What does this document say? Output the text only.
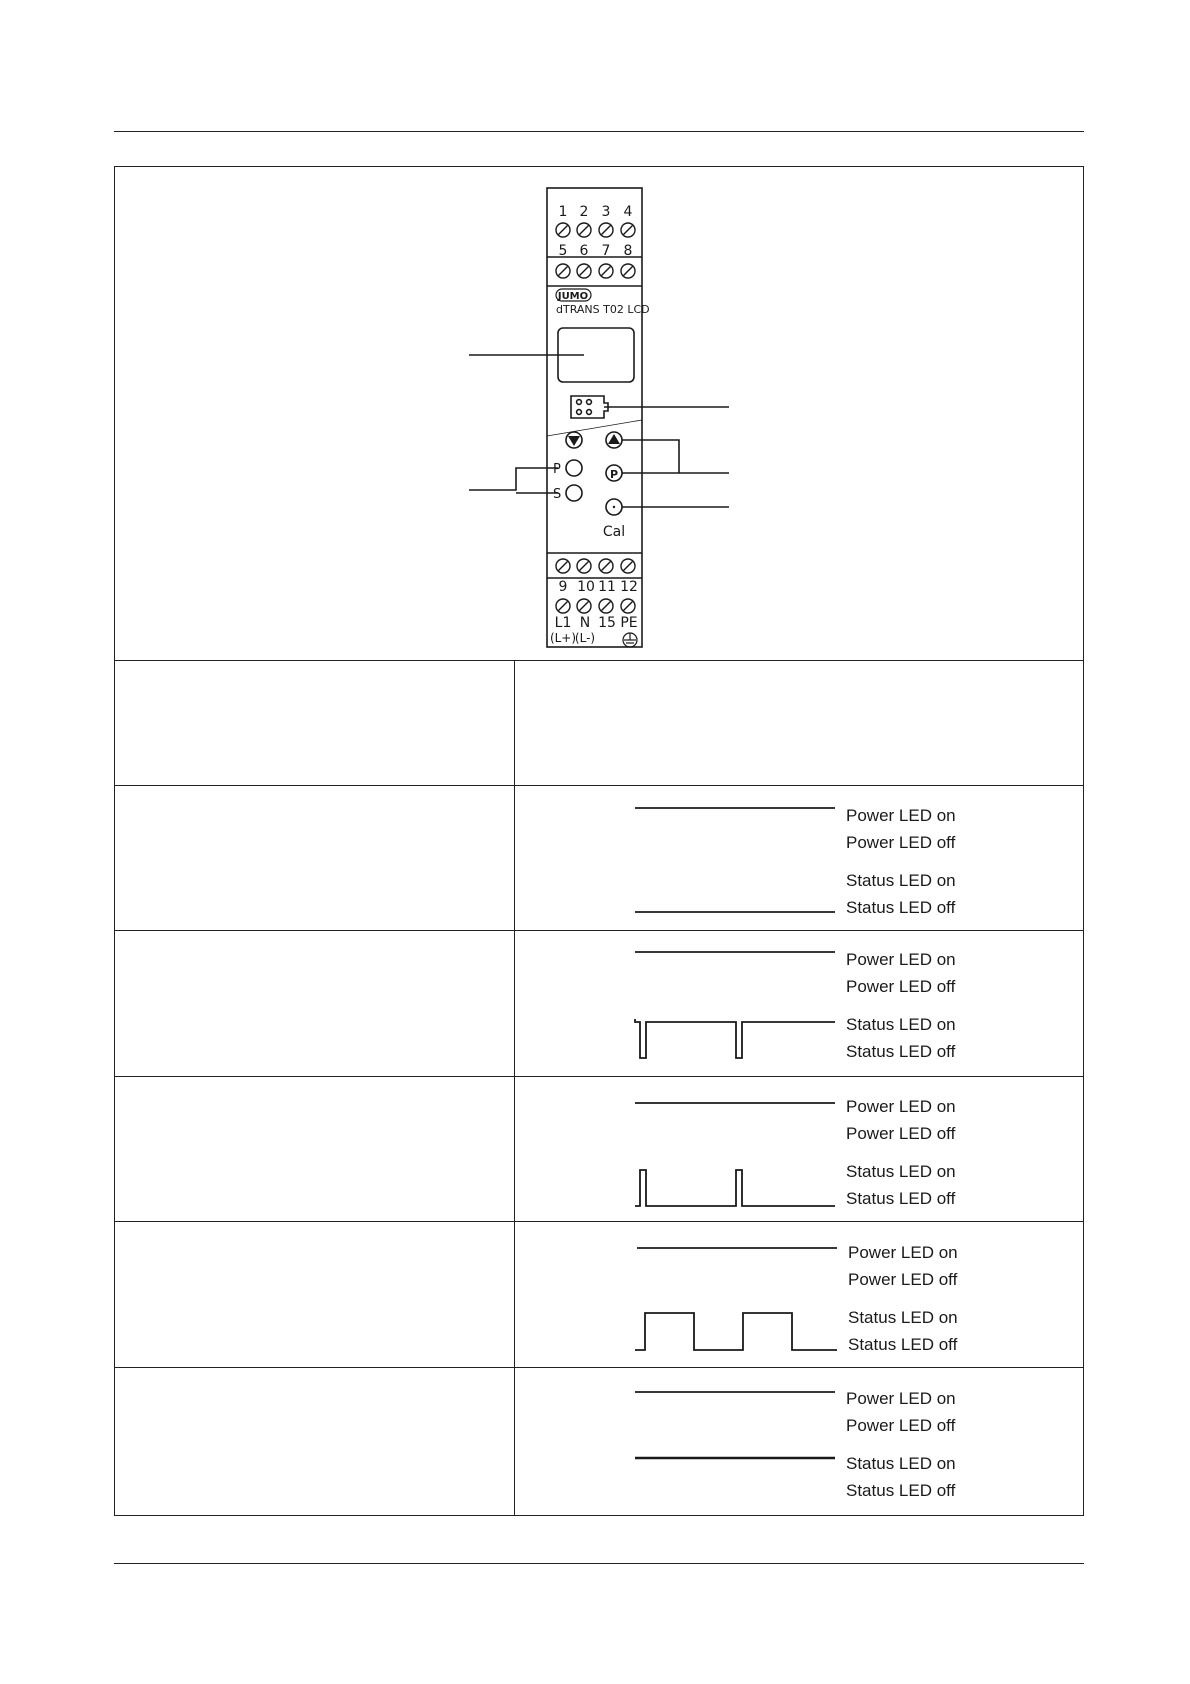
1 2 3 4
5 6 7 8
9 10 11 12
L1 N 15 PE
(L+)
(L-)
JUMO
dTRANS T02 LCD
P
S
P
Cal
Power LED on
Power LED off
Status LED on
Status LED off
Power LED on
Power LED off
Status LED on
Status LED off
Power LED on
Power LED off
Status LED on
Status LED off
Power LED on
Power LED off
Status LED on
Status LED off
Power LED on
Power LED off
Status LED on
Status LED off
